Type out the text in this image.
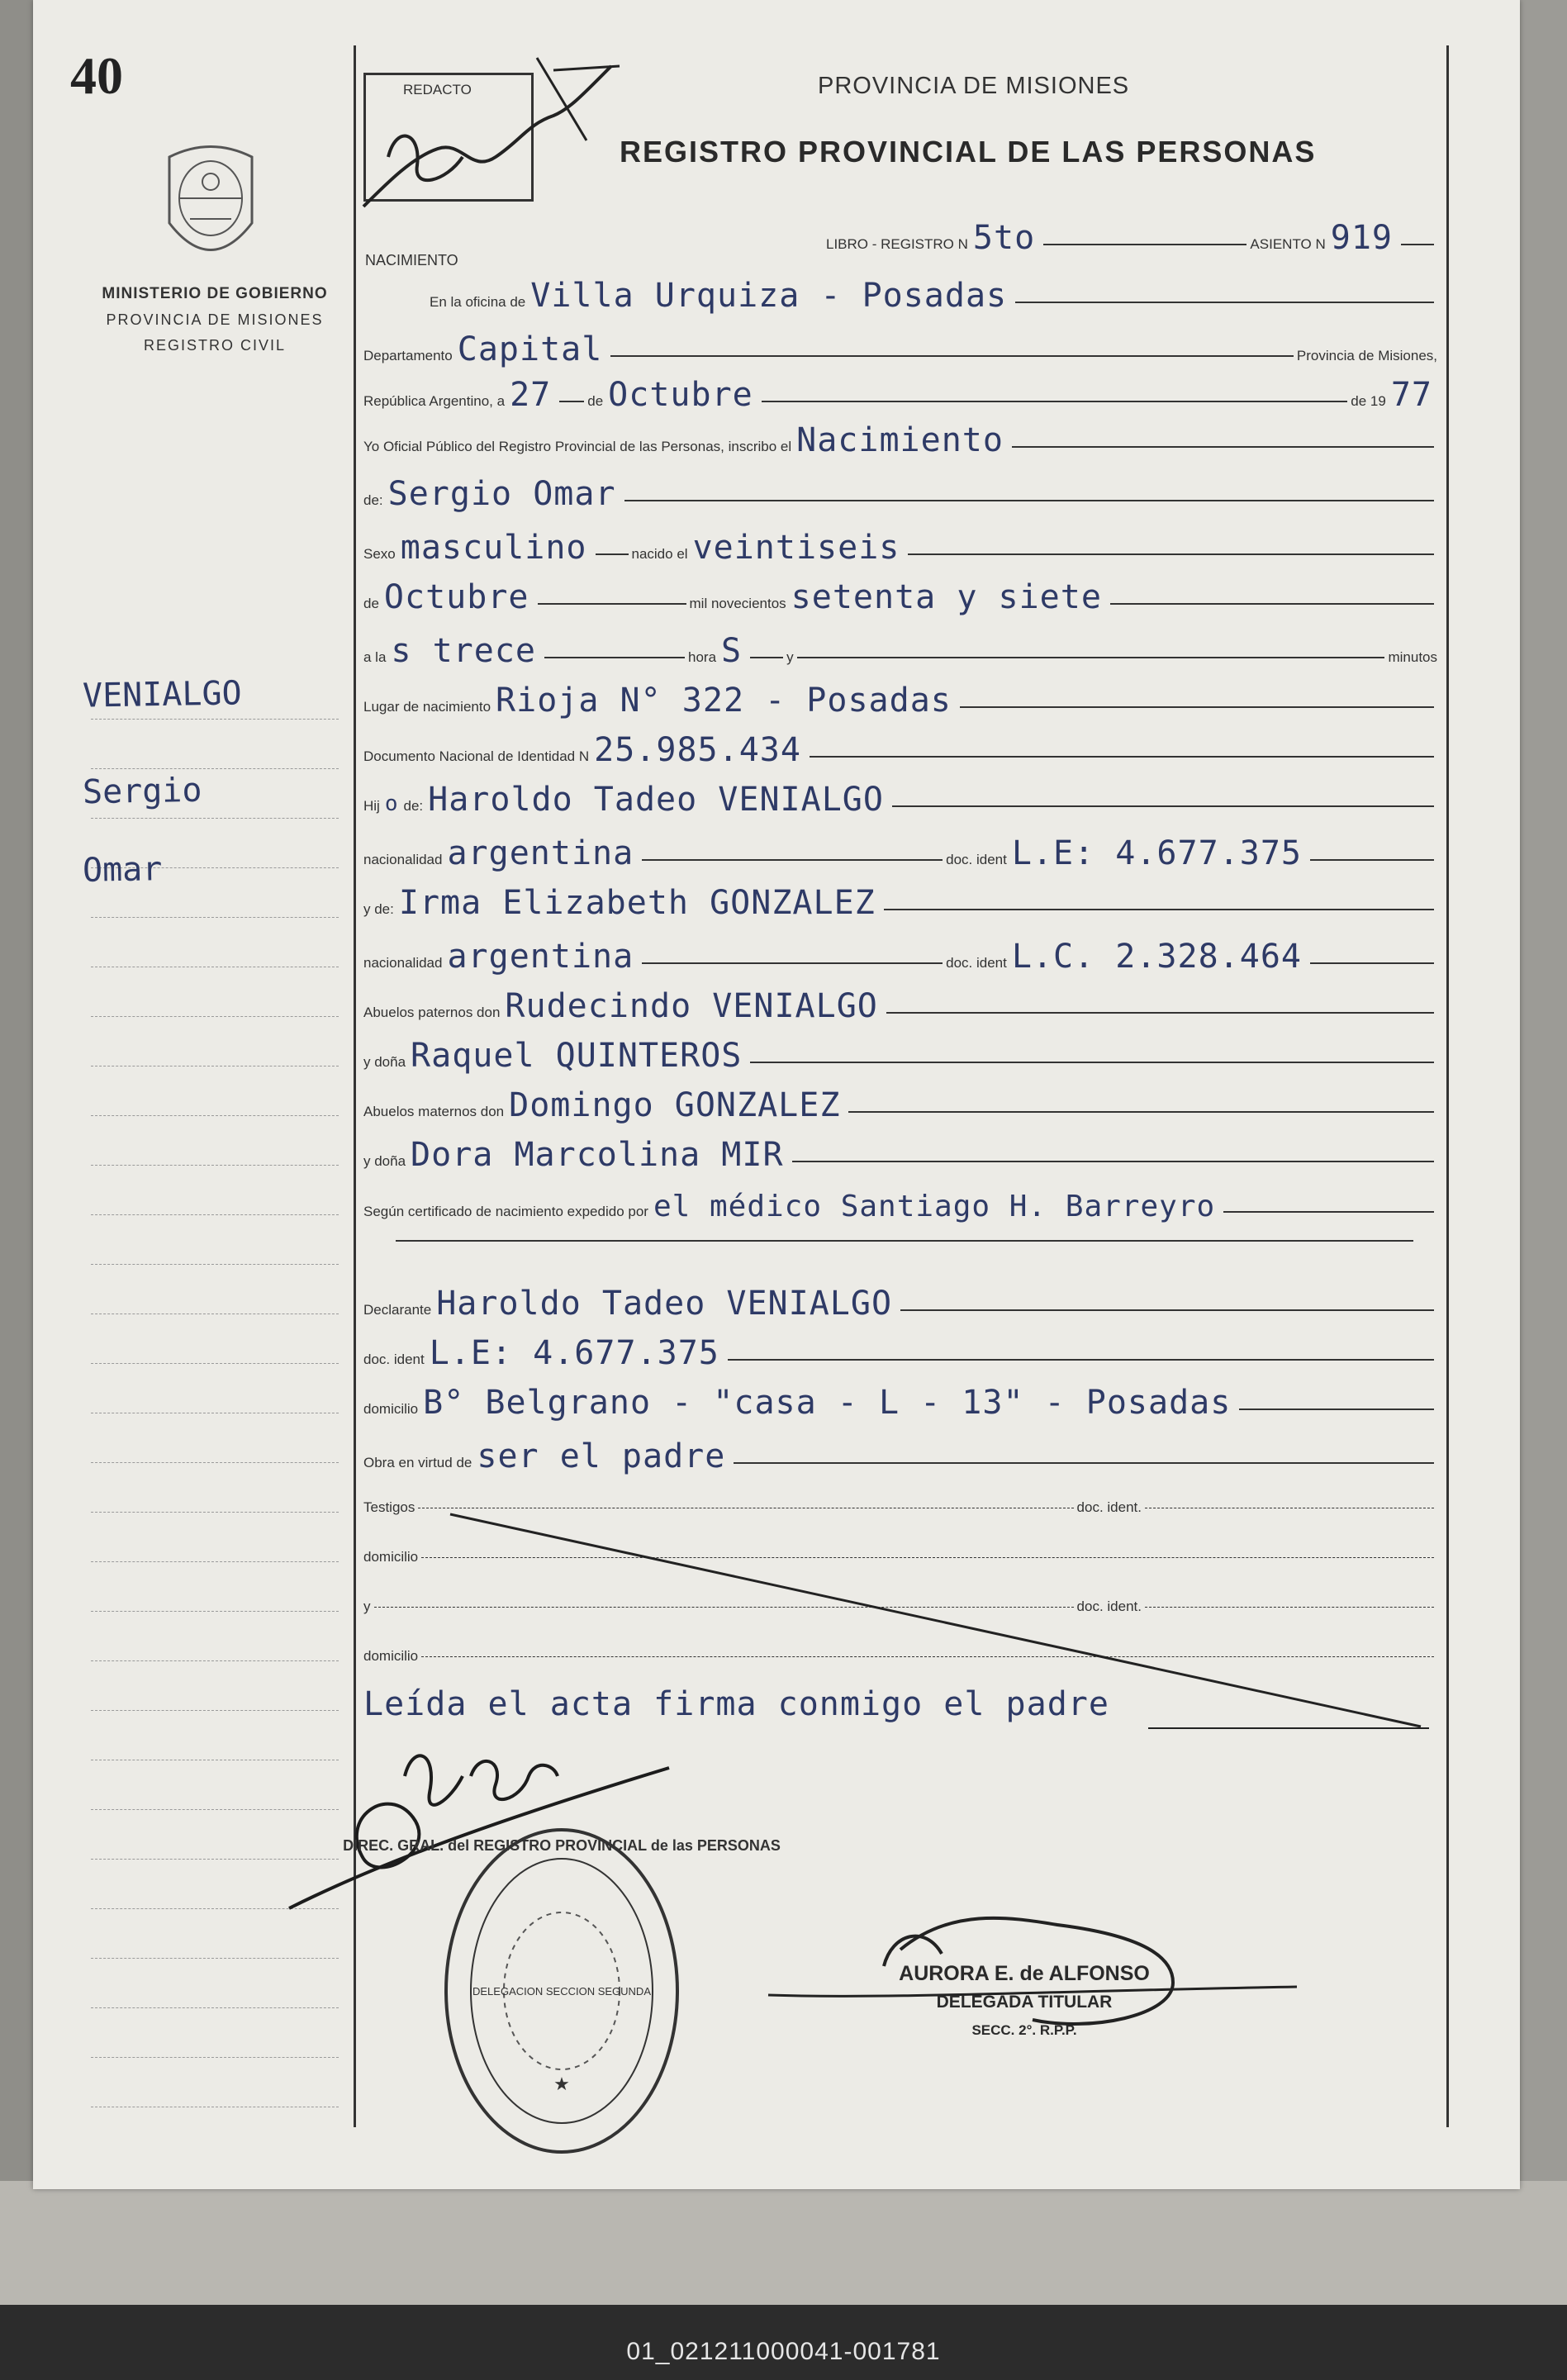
40
MINISTERIO DE GOBIERNO
PROVINCIA DE MISIONES
REGISTRO CIVIL
VENIALGO
Sergio
Omar
REDACTO	PROVINCIA DE MISIONES
REGISTRO PROVINCIAL DE LAS PERSONAS
NACIMIENTO
LIBRO - REGISTRO N 5to	ASIENTO N 919
En la oficina de Villa Urquiza - Posadas
Departamento Capital	Provincia de Misiones,
República Argentino, a 27	de Octubre	de 19 77
Yo Oficial Público del Registro Provincial de las Personas, inscribo el Nacimiento
de: Sergio Omar
Sexo masculino	nacido el veintiseis
de Octubre	mil novecientos setenta y siete
a la s trece	hora S	y	minutos
Lugar de nacimiento Rioja N° 322 - Posadas
Documento Nacional de Identidad N 25.985.434
Hij o de: Haroldo Tadeo VENIALGO
nacionalidad argentina	doc. ident L.E: 4.677.375
y de: Irma Elizabeth GONZALEZ
nacionalidad argentina	doc. ident L.C. 2.328.464
Abuelos paternos don Rudecindo VENIALGO
y doña Raquel QUINTEROS
Abuelos maternos don Domingo GONZALEZ
y doña Dora Marcolina MIR
Según certificado de nacimiento expedido por el médico Santiago H. Barreyro
Declarante Haroldo Tadeo VENIALGO
doc. ident L.E: 4.677.375
domicilio B° Belgrano - "casa - L - 13" - Posadas
Obra en virtud de ser el padre
Testigos	doc. ident.
domicilio
y	doc. ident.
domicilio
Leída el acta firma conmigo el padre
★
DIREC. GRAL. del REGISTRO PROVINCIAL de las PERSONAS
DELEGACION SECCION SEGUNDA
AURORA E. de ALFONSO
DELEGADA TITULAR
SECC. 2°. R.P.P.
01_021211000041-001781
